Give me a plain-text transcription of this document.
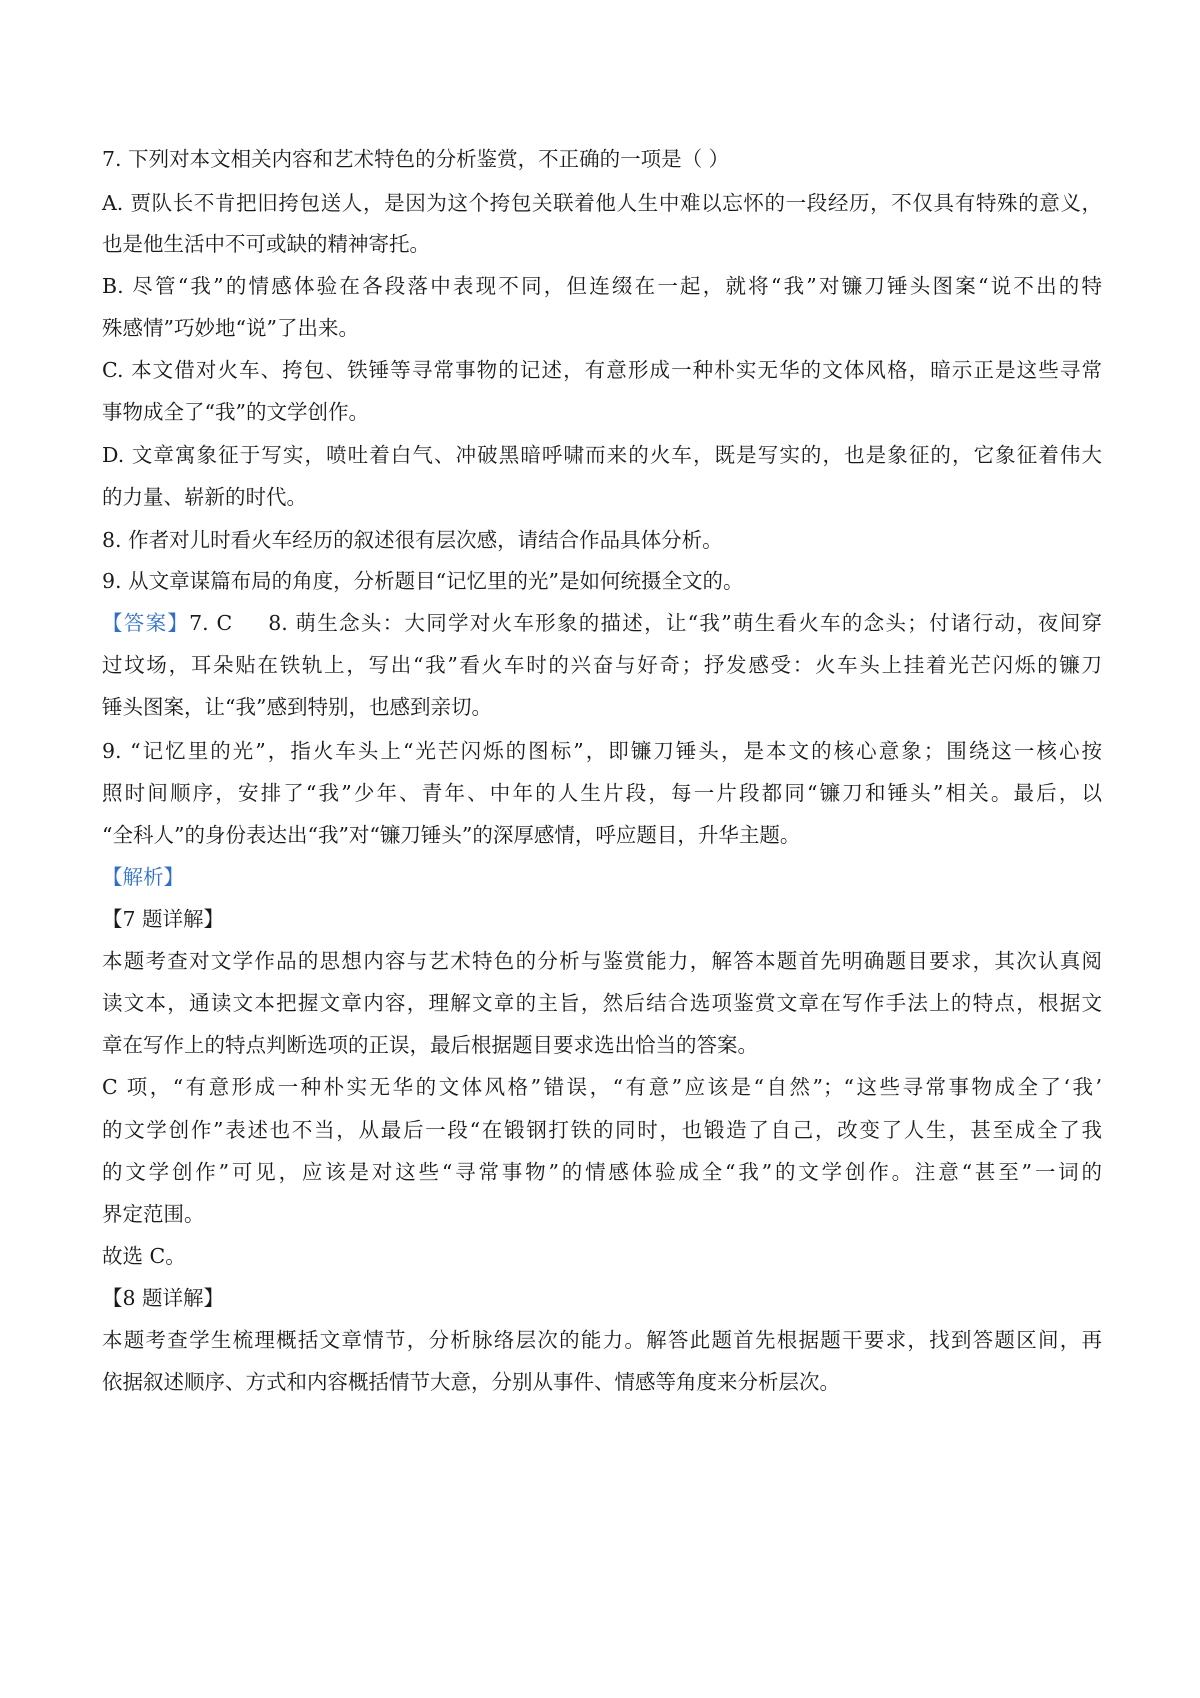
7. 下列对本文相关内容和艺术特色的分析鉴赏，不正确的一项是（ ）
A. 贾队长不肯把旧挎包送人，是因为这个挎包关联着他人生中难以忘怀的一段经历，不仅具有特殊的意义，
也是他生活中不可或缺的精神寄托。
B. 尽管“我”的情感体验在各段落中表现不同，但连缀在一起，就将“我”对镰刀锤头图案“说不出的特
殊感情”巧妙地“说”了出来。
C. 本文借对火车、挎包、铁锤等寻常事物的记述，有意形成一种朴实无华的文体风格，暗示正是这些寻常
事物成全了“我”的文学创作。
D. 文章寓象征于写实，喷吐着白气、冲破黑暗呼啸而来的火车，既是写实的，也是象征的，它象征着伟大
的力量、崭新的时代。
8. 作者对儿时看火车经历的叙述很有层次感，请结合作品具体分析。
9. 从文章谋篇布局的角度，分析题目“记忆里的光”是如何统摄全文的。
【答案】7. C 8. 萌生念头：大同学对火车形象的描述，让“我”萌生看火车的念头；付诸行动，夜间穿
过坟场，耳朵贴在铁轨上，写出“我”看火车时的兴奋与好奇；抒发感受：火车头上挂着光芒闪烁的镰刀
锤头图案，让“我”感到特别，也感到亲切。
9. “记忆里的光”，指火车头上“光芒闪烁的图标”，即镰刀锤头，是本文的核心意象；围绕这一核心按
照时间顺序，安排了“我”少年、青年、中年的人生片段，每一片段都同“镰刀和锤头”相关。最后，以
“全科人”的身份表达出“我”对“镰刀锤头”的深厚感情，呼应题目，升华主题。
【解析】
【7 题详解】
本题考查对文学作品的思想内容与艺术特色的分析与鉴赏能力，解答本题首先明确题目要求，其次认真阅
读文本，通读文本把握文章内容，理解文章的主旨，然后结合选项鉴赏文章在写作手法上的特点，根据文
章在写作上的特点判断选项的正误，最后根据题目要求选出恰当的答案。
C 项，“有意形成一种朴实无华的文体风格”错误，“有意”应该是“自然”；“这些寻常事物成全了‘我’
的文学创作”表述也不当，从最后一段“在锻钢打铁的同时，也锻造了自己，改变了人生，甚至成全了我
的文学创作”可见，应该是对这些“寻常事物”的情感体验成全“我”的文学创作。注意“甚至”一词的
界定范围。
故选 C。
【8 题详解】
本题考查学生梳理概括文章情节，分析脉络层次的能力。解答此题首先根据题干要求，找到答题区间，再
依据叙述顺序、方式和内容概括情节大意，分别从事件、情感等角度来分析层次。
